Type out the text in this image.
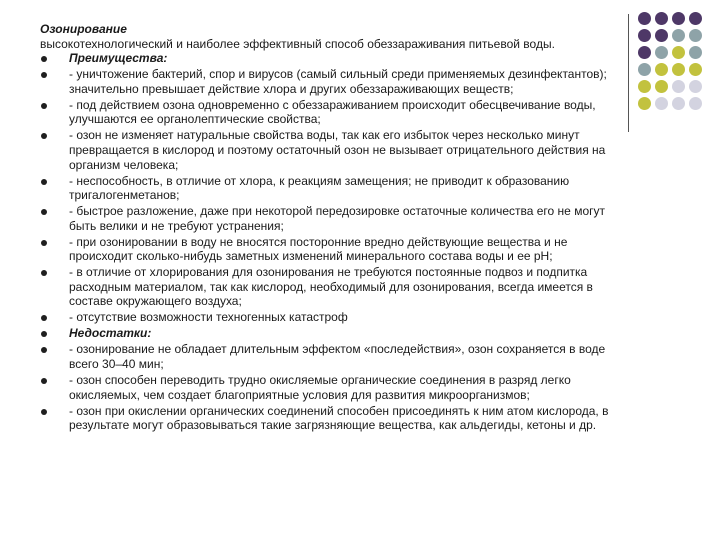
Озонирование
высокотехнологический и наиболее эффективный способ обеззараживания питьевой воды.
Преимущества:
- уничтожение бактерий, спор и вирусов (самый сильный среди применяемых дезинфектантов); значительно превышает действие хлора и других обеззараживающих веществ;
- под действием озона одновременно с обеззараживанием происходит обесцвечивание воды, улучшаются ее органолептические свойства;
- озон не изменяет натуральные свойства воды, так как его избыток через несколько минут превращается в кислород и поэтому остаточный озон не вызывает отрицательного действия на организм человека;
- неспособность, в отличие от хлора, к реакциям замещения; не приводит к образованию тригалогенметанов;
- быстрое разложение, даже при некоторой передозировке остаточные количества его не могут быть велики и не требуют устранения;
- при озонировании в воду не вносятся посторонние вредно действующие вещества и не происходит сколько-нибудь заметных изменений минерального состава воды и ее pH;
- в отличие от хлорирования для озонирования не требуются постоянные подвоз и подпитка расходным материалом, так как кислород, необходимый для озонирования, всегда имеется в составе окружающего воздуха;
- отсутствие возможности техногенных катастроф
Недостатки:
- озонирование не обладает длительным эффектом «последействия», озон сохраняется в воде всего 30–40 мин;
- озон способен переводить трудно окисляемые органические соединения в разряд легко окисляемых, чем создает благоприятные условия для развития микроорганизмов;
- озон при окислении органических соединений способен присоединять к ним атом кислорода, в результате могут образовываться такие загрязняющие вещества, как альдегиды, кетоны и др.
